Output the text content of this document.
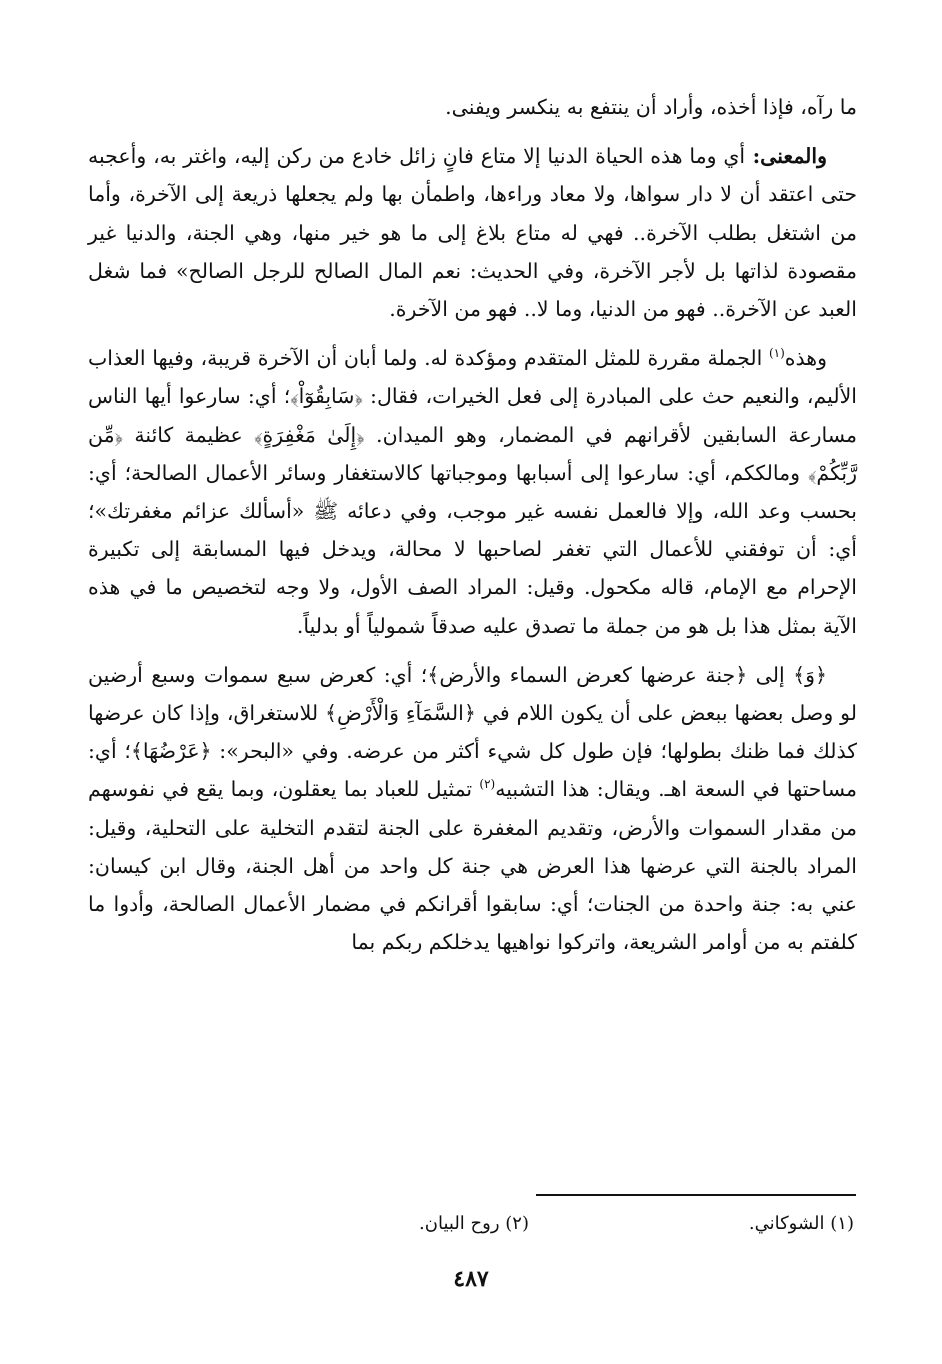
ما رآه، فإذا أخذه، وأراد أن ينتفع به ينكسر ويفنى.

والمعنى: أي وما هذه الحياة الدنيا إلا متاع فانٍ زائل خادع من ركن إليه، واغتر به، وأعجبه حتى اعتقد أن لا دار سواها، ولا معاد وراءها، واطمأن بها ولم يجعلها ذريعة إلى الآخرة، وأما من اشتغل بطلب الآخرة.. فهي له متاع بلاغ إلى ما هو خير منها، وهي الجنة، والدنيا غير مقصودة لذاتها بل لأجر الآخرة، وفي الحديث: نعم المال الصالح للرجل الصالح» فما شغل العبد عن الآخرة.. فهو من الدنيا، وما لا.. فهو من الآخرة.

وهذه$^{(١)}$ الجملة مقررة للمثل المتقدم ومؤكدة له. ولما أبان أن الآخرة قريبة، وفيها العذاب الأليم، والنعيم حث على المبادرة إلى فعل الخيرات، فقال: ﴿سَابِقُوٓاْ﴾؛ أي: سارعوا أيها الناس مسارعة السابقين لأقرانهم في المضمار، وهو الميدان. ﴿إِلَىٰ مَغْفِرَةٍ﴾ عظيمة كائنة ﴿مِّن رَّبِّكُمْ﴾ ومالككم، أي: سارعوا إلى أسبابها وموجباتها كالاستغفار وسائر الأعمال الصالحة؛ أي: بحسب وعد الله، وإلا فالعمل نفسه غير موجب، وفي دعائه ﷺ «أسألك عزائم مغفرتك»؛ أي: أن توفقني للأعمال التي تغفر لصاحبها لا محالة، ويدخل فيها المسابقة إلى تكبيرة الإحرام مع الإمام، قاله مكحول. وقيل: المراد الصف الأول، ولا وجه لتخصيص ما في هذه الآية بمثل هذا بل هو من جملة ما تصدق عليه صدقاً شمولياً أو بدلياً.

﴿وَ﴾ إلى ﴿جنة عرضها كعرض السماء والأرض﴾؛ أي: كعرض سبع سموات وسبع أرضين لو وصل بعضها ببعض على أن يكون اللام في ﴿السَّمَآءِ وَالْأَرْضِ﴾ للاستغراق، وإذا كان عرضها كذلك فما ظنك بطولها؛ فإن طول كل شيء أكثر من عرضه. وفي «البحر»: ﴿عَرْضُهَا﴾؛ أي: مساحتها في السعة اهـ. ويقال: هذا التشبيه$^{(٢)}$ تمثيل للعباد بما يعقلون، وبما يقع في نفوسهم من مقدار السموات والأرض، وتقديم المغفرة على الجنة لتقدم التخلية على التحلية، وقيل: المراد بالجنة التي عرضها هذا العرض هي جنة كل واحد من أهل الجنة، وقال ابن كيسان: عني به: جنة واحدة من الجنات؛ أي: سابقوا أقرانكم في مضمار الأعمال الصالحة، وأدوا ما كلفتم به من أوامر الشريعة، واتركوا نواهيها يدخلكم ربكم بما

(١) الشوكاني.
(٢) روح البيان.
٤٨٧
